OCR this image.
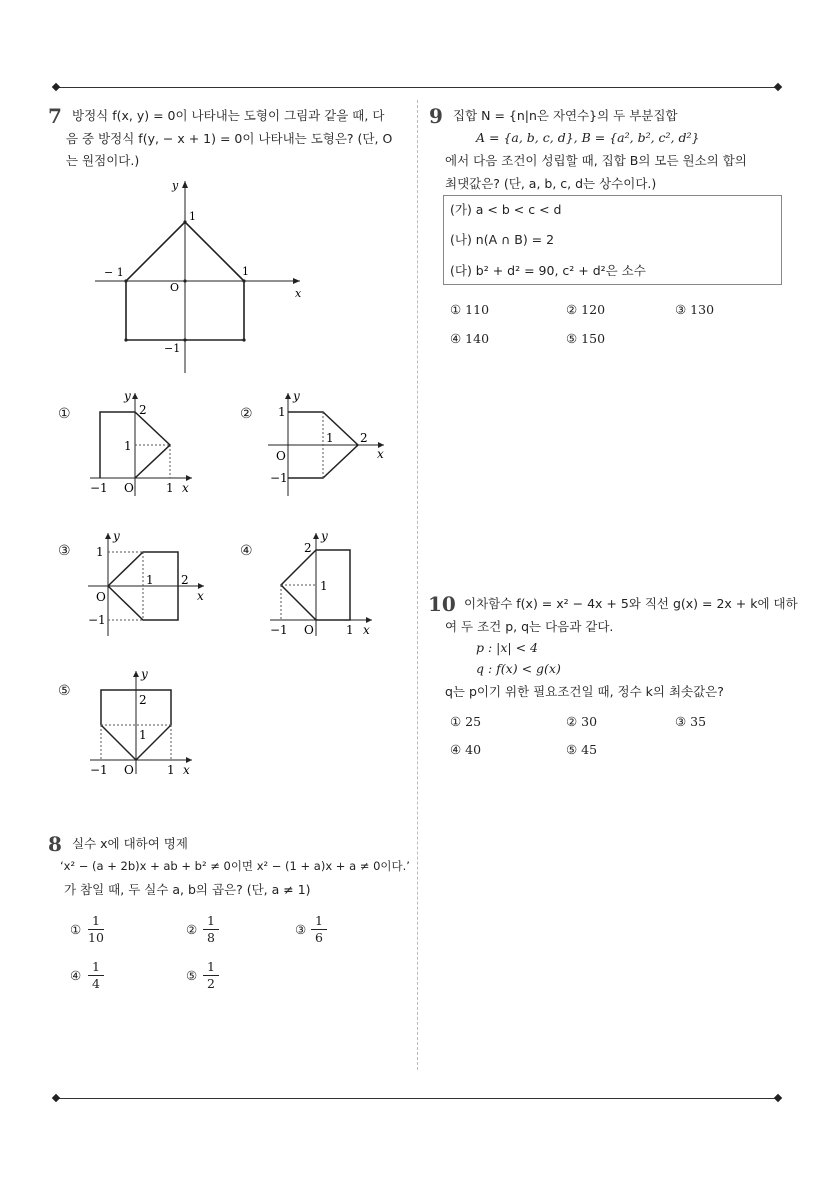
7 방정식 f(x, y) = 0이 나타내는 도형이 그림과 같을 때, 다
음 중 방정식 f(y, − x + 1) = 0이 나타내는 도형은? (단, O
는 원점이다.)
x
y
O
1
−1
− 1	1
①	2
1
−1 O	1 x
y
② 1
1 2
O
−1
x
y
③ 1
1 2
O
−1
x
y
④	2
1
−1 O	1 x
y
⑤
2
1
−1 O	1 x
y
8 실수 x에 대하여 명제
‘x² − (a + 2b)x + ab + b² ≠ 0이면 x² − (1 + a)x + a ≠ 0이다.’
가 참일 때, 두 실수 a, b의 곱은? (단, a ≠ 1)
① $\frac{1}{10}$	② $\frac{1}{8}$	③ $\frac{1}{6}$
④ $\frac{1}{4}$	⑤ $\frac{1}{2}$
9 집합 N = {n|n은 자연수}의 두 부분집합
A = {a, b, c, d}, B = {a², b², c², d²}
에서 다음 조건이 성립할 때, 집합 B의 모든 원소의 합의
최댓값은? (단, a, b, c, d는 상수이다.)
(가) a < b < c < d
(나) n(A ∩ B) = 2
(다) b² + d² = 90, c² + d²은 소수
① 110	② 120	③ 130
④ 140	⑤ 150
10 이차함수 f(x) = x² − 4x + 5와 직선 g(x) = 2x + k에 대하
여 두 조건 p, q는 다음과 같다.
p : |x| < 4
q : f(x) < g(x)
q는 p이기 위한 필요조건일 때, 정수 k의 최솟값은?
① 25	② 30	③ 35
④ 40	⑤ 45
